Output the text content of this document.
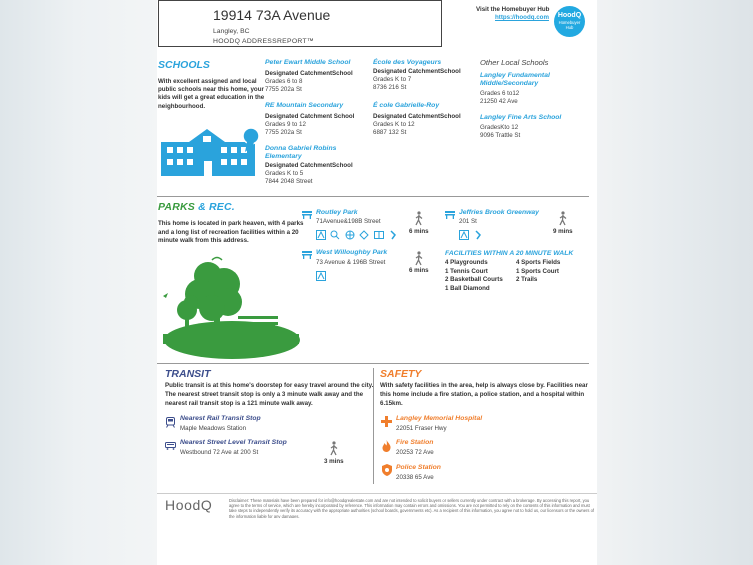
19914 73A Avenue
Langley, BC
HOODQ ADDRESSREPORT™
Visit the Homebuyer Hub
https://hoodq.com	HoodQ
Homebuyer
Hub
SCHOOLS
With excellent assigned and local public schools near this home, your kids will get a great education in the neighbourhood.
Peter Ewart Middle School
Designated CatchmentSchool
Grades 6 to 8
7755 202a St
RE Mountain Secondary
Designated Catchment School
Grades 9 to 12
7755 202a St
Donna Gabriel Robins Elementary
Designated CatchmentSchool
Grades K to 5
7844 2048 Street
École des Voyageurs
Designated CatchmentSchool
Grades K to 7
8736 216 St
É cole Gabrielle-Roy
Designated CatchmentSchool
Grades K to 12
6887 132 St
Other Local Schools
Langley Fundamental Middle/Secondary
Grades 6 to12
21250 42 Ave
Langley Fine Arts School
GradesKto 12
9096 Trattle St
PARKS & REC.
This home is located in park heaven, with 4 parks and a long list of recreation facilities within a 20 minute walk from this address.
Routley Park
71Avenue&198B Street

6 mins
West Willoughby Park
73 Avenue & 196B Street
6 mins
Jeffries Brook Greenway
201 St

9 mins
FACILITIES WITHIN A 20 MINUTE WALK
4 Playgrounds
1 Tennis Court
2 Basketball Courts
1 Ball Diamond
4 Sports Fields
1 Sports Court
2 Trails
TRANSIT
Public transit is at this home's doorstep for easy travel around the city. The nearest street transit stop is only a 3 minute walk away and the nearest rail transit stop is a 121 minute walk away.
Nearest Rail Transit Stop
Maple Meadows Station
Nearest Street Level Transit Stop
Westbound 72 Ave at 200 St
3 mins
SAFETY
With safety facilities in the area, help is always close by. Facilities near this home include a fire station, a police station, and a hospital within 6.15km.
Langley Memorial Hospital
22051 Fraser Hwy
Fire Station
20253 72 Ave
Police Station
20338 65 Ave
HoodQ	Disclaimer: These materials have been prepared for info@hoodqrealestate.com and are not intended to solicit buyers or sellers currently under contract with a brokerage. By accessing this report, you agree to the terms of service, which are hereby incorporated by reference. This information may contain errors and omissions. You are not permitted to rely on the contents of this information and must take steps to independently verify its accuracy with the appropriate authorities (school boards, governments etc). As a recipient of this information, you agree not to hold us, our licensors or the owners of the information liable for any damages.
